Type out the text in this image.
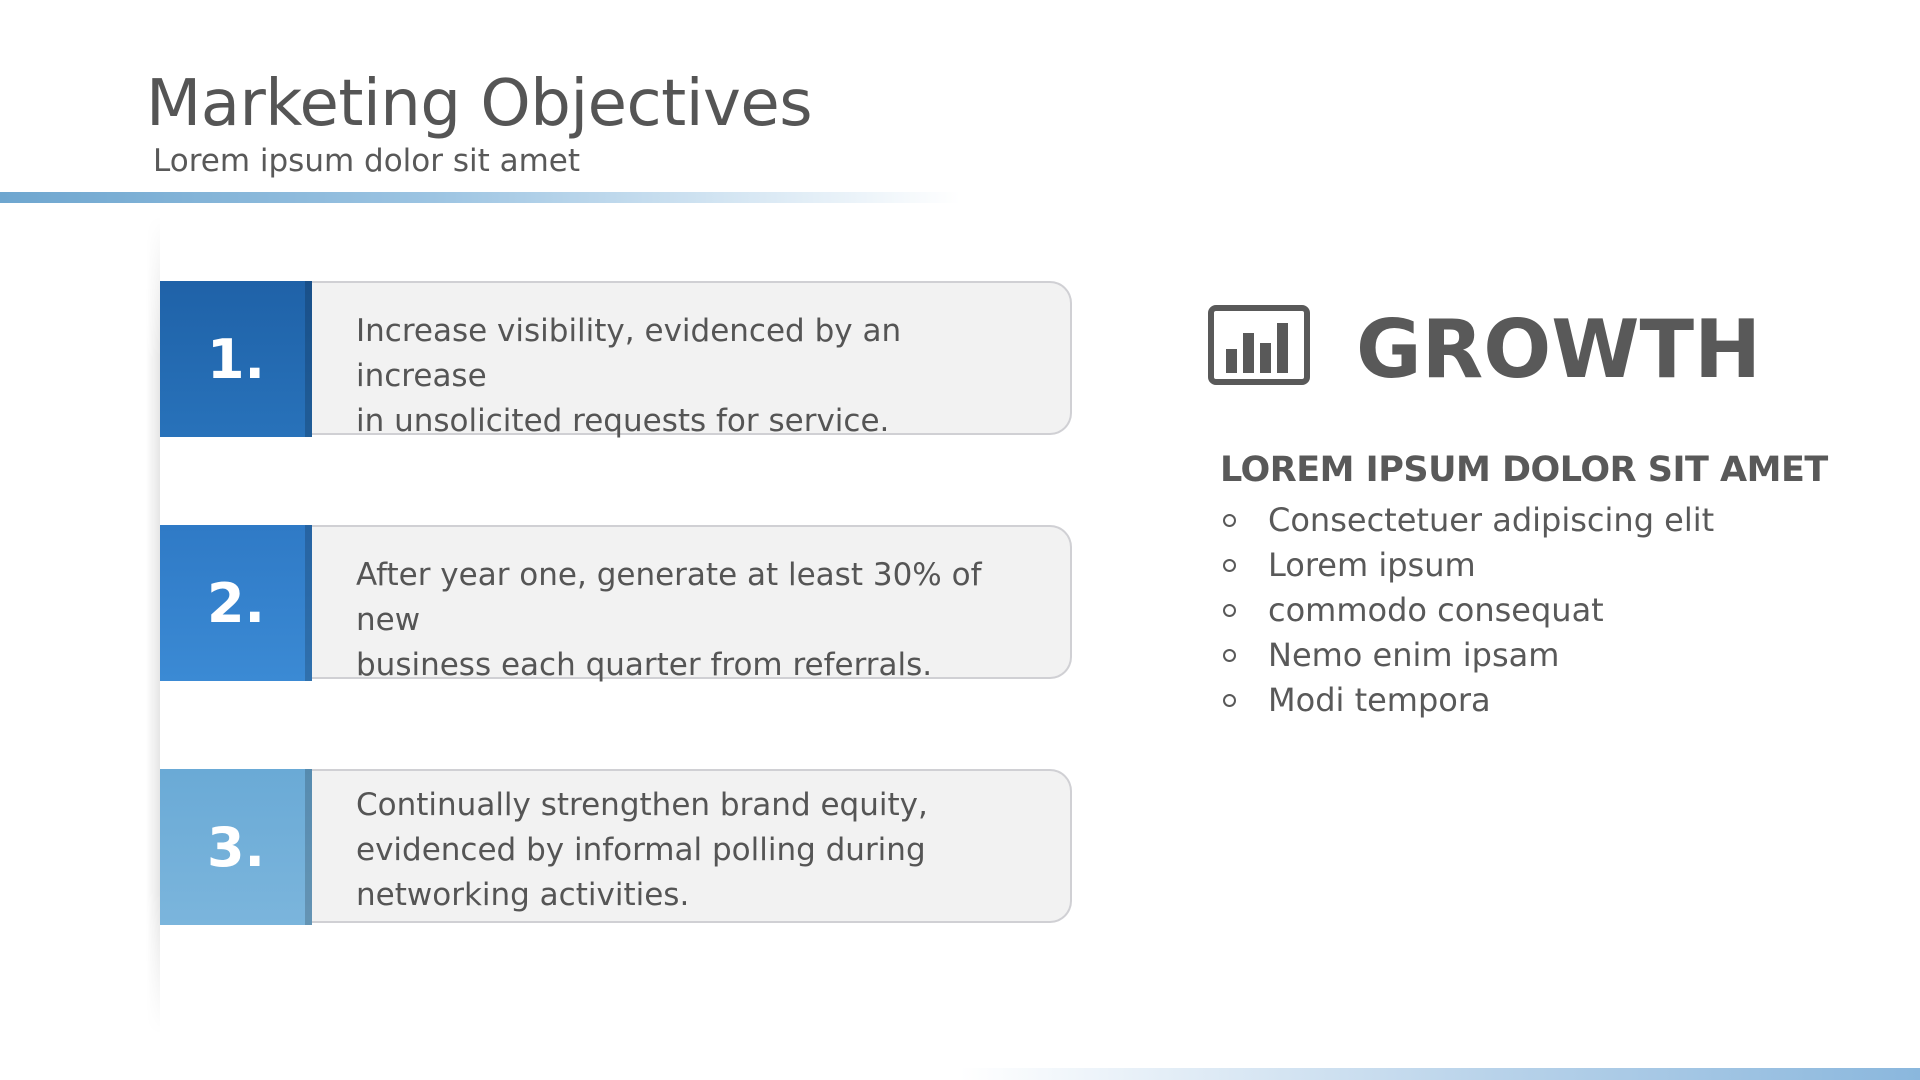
Marketing Objectives
Lorem ipsum dolor sit amet
1.	Increase visibility, evidenced by an increase
in unsolicited requests for service.
2.	After year one, generate at least 30% of new
business each quarter from referrals.
3.
Continually strengthen brand equity,
evidenced by informal polling during
networking activities.
GROWTH
LOREM IPSUM DOLOR SIT AMET
Consectetuer adipiscing elit
Lorem ipsum
commodo consequat
Nemo enim ipsam
Modi tempora
